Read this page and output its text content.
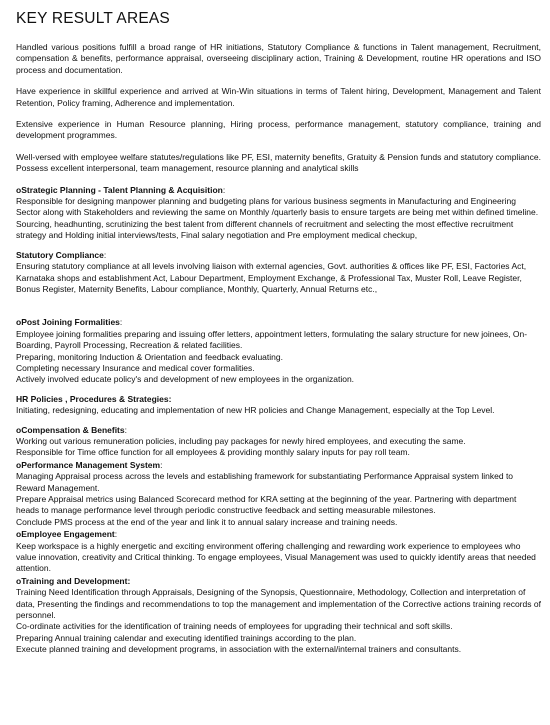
KEY RESULT AREAS

Handled various positions fulfill a broad range of HR initiations, Statutory Compliance & functions in Talent management, Recruitment, compensation & benefits, performance appraisal, overseeing disciplinary action, Training & Development, routine HR operations and ISO process and documentation.

Have experience in skillful experience and arrived at Win-Win situations in terms of Talent hiring, Development, Management and Talent Retention, Policy framing, Adherence and implementation.

Extensive experience in Human Resource planning, Hiring process, performance management, statutory compliance, training and development programmes.

Well-versed with employee welfare statutes/regulations like PF, ESI, maternity benefits, Gratuity & Pension funds and statutory compliance. Possess excellent interpersonal, team management, resource planning and analytical skills

oStrategic Planning - Talent Planning & Acquisition:

Responsible for designing manpower planning and budgeting plans for various business segments in Manufacturing and Engineering Sector along with Stakeholders and reviewing the same on Monthly /quarterly basis to ensure targets are being met within defined timeline.

Sourcing, headhunting, scrutinizing the best talent from different channels of recruitment and selecting the most effective recruitment strategy and Holding initial interviews/tests, Final salary negotiation and Pre employment medical checkup,

Statutory Compliance:

Ensuring statutory compliance at all levels involving liaison with external agencies, Govt. authorities & offices like PF, ESI, Factories Act, Karnataka shops and establishment Act, Labour Department, Employment Exchange, & Professional Tax, Muster Roll, Leave Register, Bonus Register, Maternity Benefits, Labour compliance, Monthly, Quarterly, Annual Returns etc.,

oPost Joining Formalities:

Employee joining formalities preparing and issuing offer letters, appointment letters, formulating the salary structure for new joinees, On-Boarding, Payroll Processing, Recreation & related facilities.

Preparing, monitoring Induction & Orientation and feedback evaluating.

Completing necessary Insurance and medical cover formalities.

Actively involved educate policy's and development of new employees in the organization.

HR Policies , Procedures & Strategies:

Initiating, redesigning, educating and implementation of new HR policies and Change Management, especially at the Top Level.

oCompensation & Benefits:

Working out various remuneration policies, including pay packages for newly hired employees, and executing the same.

Responsible for Time office function for all employees & providing monthly salary inputs for pay roll team.

oPerformance Management System:

Managing Appraisal process across the levels and establishing framework for substantiating Performance Appraisal system linked to Reward Management.

Prepare Appraisal metrics using Balanced Scorecard method for KRA setting at the beginning of the year. Partnering with department heads to manage performance level through periodic constructive feedback and setting measurable milestones.

Conclude PMS process at the end of the year and link it to annual salary increase and training needs.

oEmployee Engagement:

Keep workspace is a highly energetic and exciting environment offering challenging and rewarding work experience to employees who value innovation, creativity and Critical thinking. To engage employees, Visual Management was used to quickly identify areas that needed attention.

oTraining and Development:

Training Need Identification through Appraisals, Designing of the Synopsis, Questionnaire, Methodology, Collection and interpretation of data, Presenting the findings and recommendations to top the management and implementation of the Corrective actions training records of personnel.

Co-ordinate activities for the identification of training needs of employees for upgrading their technical and soft skills.

Preparing Annual training calendar and executing identified trainings according to the plan.

Execute planned training and development programs, in association with the external/internal trainers and consultants.
